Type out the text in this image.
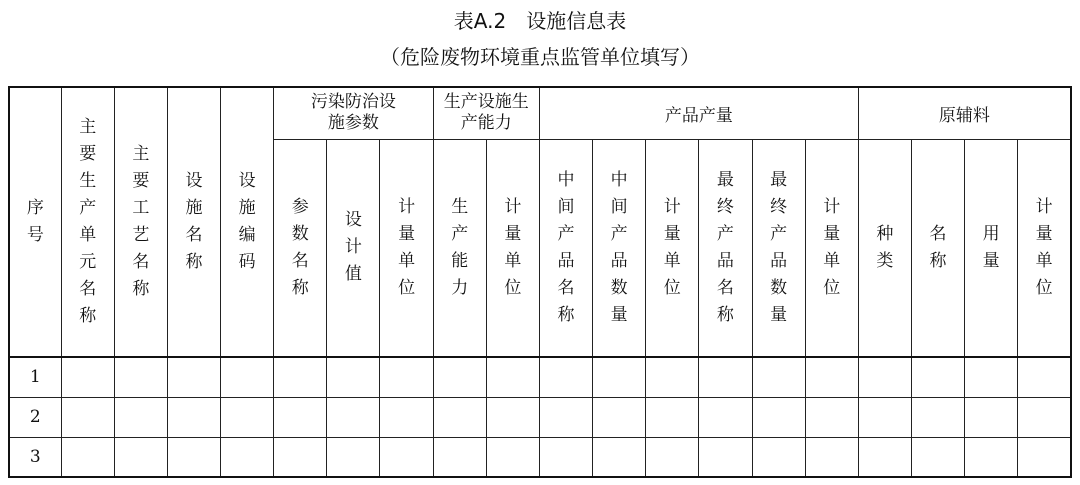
表A.2　设施信息表
（危险废物环境重点监管单位填写）
序号	主要生产单元名称	主要工艺名称	设施名称	设施编码	污染防治设施参数			生产设施生产能力		产品产量						原辅料			
					参数名称	设计值	计量单位	生产能力	计量单位	中间产品名称	中间产品数量	计量单位	最终产品名称	最终产品数量	计量单位	种类	名称	用量	计量单位
1																			
2																			
3																			
